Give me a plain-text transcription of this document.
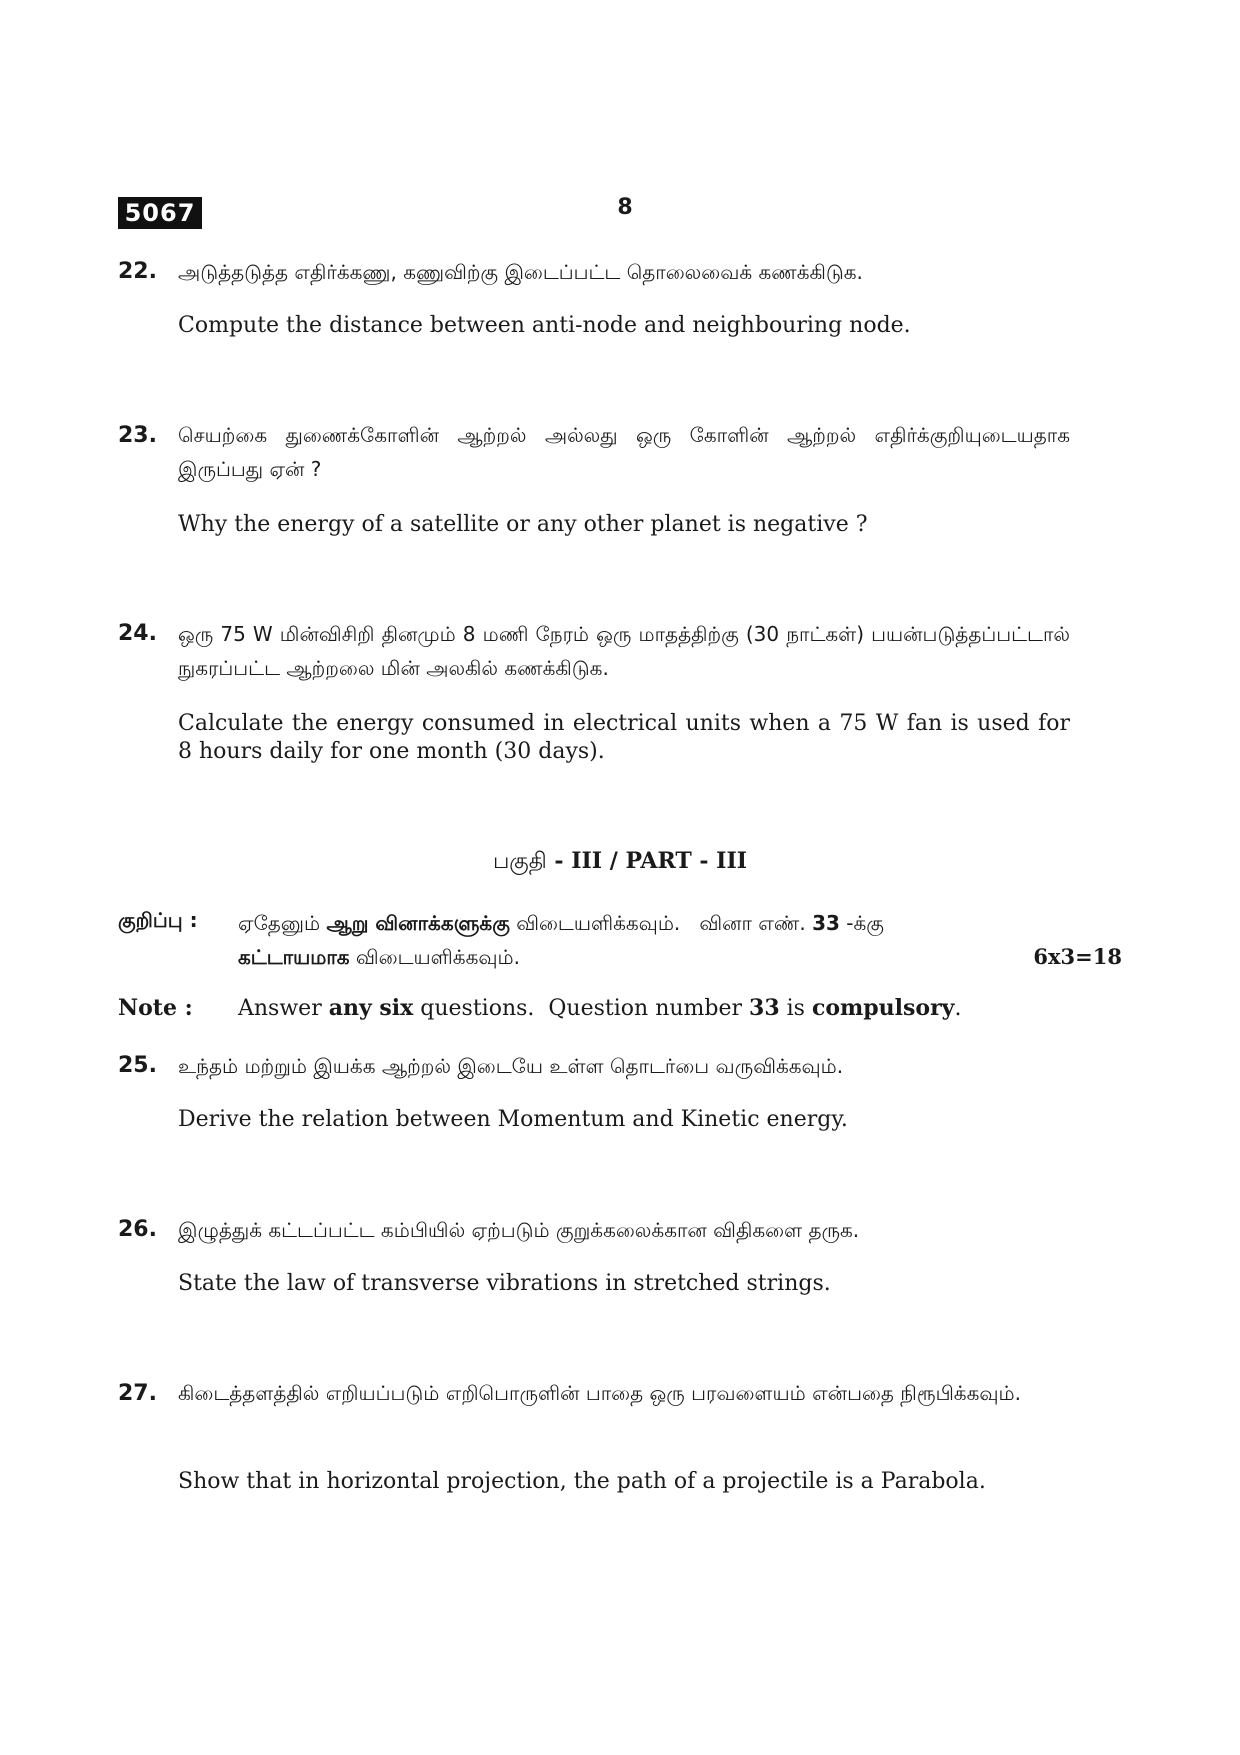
5067	8
22.	அடுத்தடுத்த எதிர்க்கணு, கணுவிற்கு இடைப்பட்ட தொலைவைக் கணக்கிடுக.
Compute the distance between anti-node and neighbouring node.
23.	செயற்கை துணைக்கோளின் ஆற்றல் அல்லது ஒரு கோளின் ஆற்றல் எதிர்க்குறியுடையதாக இருப்பது ஏன் ?
Why the energy of a satellite or any other planet is negative ?
24.	ஒரு 75 W மின்விசிறி தினமும் 8 மணி நேரம் ஒரு மாதத்திற்கு (30 நாட்கள்) பயன்படுத்தப்பட்டால் நுகரப்பட்ட ஆற்றலை மின் அலகில் கணக்கிடுக.
Calculate the energy consumed in electrical units when a 75 W fan is used for 8 hours daily for one month (30 days).
பகுதி - III / PART - III
குறிப்பு : ஏதேனும் ஆறு வினாக்களுக்கு விடையளிக்கவும்.   வினா எண். 33 -க்கு
கட்டாயமாக விடையளிக்கவும்.	6x3=18
Note : Answer any six questions.  Question number 33 is compulsory.
25.	உந்தம் மற்றும் இயக்க ஆற்றல் இடையே உள்ள தொடர்பை வருவிக்கவும்.
Derive the relation between Momentum and Kinetic energy.
26.	இழுத்துக் கட்டப்பட்ட கம்பியில் ஏற்படும் குறுக்கலைக்கான விதிகளை தருக.
State the law of transverse vibrations in stretched strings.
27.	கிடைத்தளத்தில் எறியப்படும் எறிபொருளின் பாதை ஒரு பரவளையம் என்பதை நிரூபிக்கவும்.
Show that in horizontal projection, the path of a projectile is a Parabola.
